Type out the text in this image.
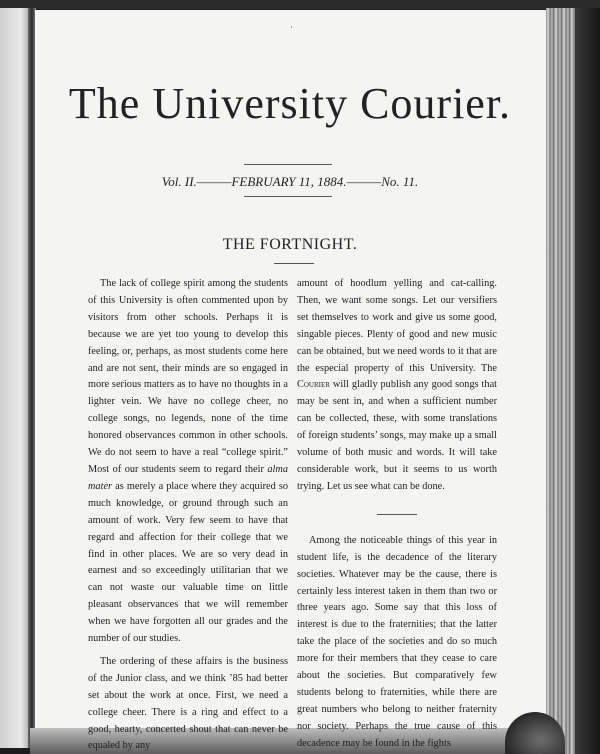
·
The University Courier.
Vol. II.———FEBRUARY 11, 1884.———No. 11.
THE FORTNIGHT.

The lack of college spirit among the students of this University is often commented upon by visitors from other schools. Perhaps it is because we are yet too young to develop this feeling, or, perhaps, as most students come here and are not sent, their minds are so engaged in more serious matters as to have no thoughts in a lighter vein. We have no college cheer, no college songs, no legends, none of the time honored observances common in other schools. We do not seem to have a real “college spirit.” Most of our students seem to regard their alma mater as merely a place where they acquired so much knowledge, or ground through such an amount of work. Very few seem to have that regard and affection for their college that we find in other places. We are so very dead in earnest and so exceedingly utilitarian that we can not waste our valuable time on little pleasant observances that we will remember when we have forgotten all our grades and the number of our studies.

The ordering of these affairs is the business of the Junior class, and we think ’85 had better set about the work at once. First, we need a college cheer. There is a ring and effect to a good, hearty, concerted shout that can never be equaled by any

amount of hoodlum yelling and cat-calling. Then, we want some songs. Let our versifiers set themselves to work and give us some good, singable pieces. Plenty of good and new music can be obtained, but we need words to it that are the especial property of this University. The Courier will gladly publish any good songs that may be sent in, and when a sufficient number can be collected, these, with some translations of foreign students’ songs, may make up a small volume of both music and words. It will take considerable work, but it seems to us worth trying. Let us see what can be done.

Among the noticeable things of this year in student life, is the decadence of the literary societies. Whatever may be the cause, there is certainly less interest taken in them than two or three years ago. Some say that this loss of interest is due to the fraternities; that the latter take the place of the societies and do so much more for their members that they cease to care about the societies. But comparatively few students belong to fraternities, while there are great numbers who belong to neither fraternity nor society. Perhaps the true cause of this decadence may be found in the fights
